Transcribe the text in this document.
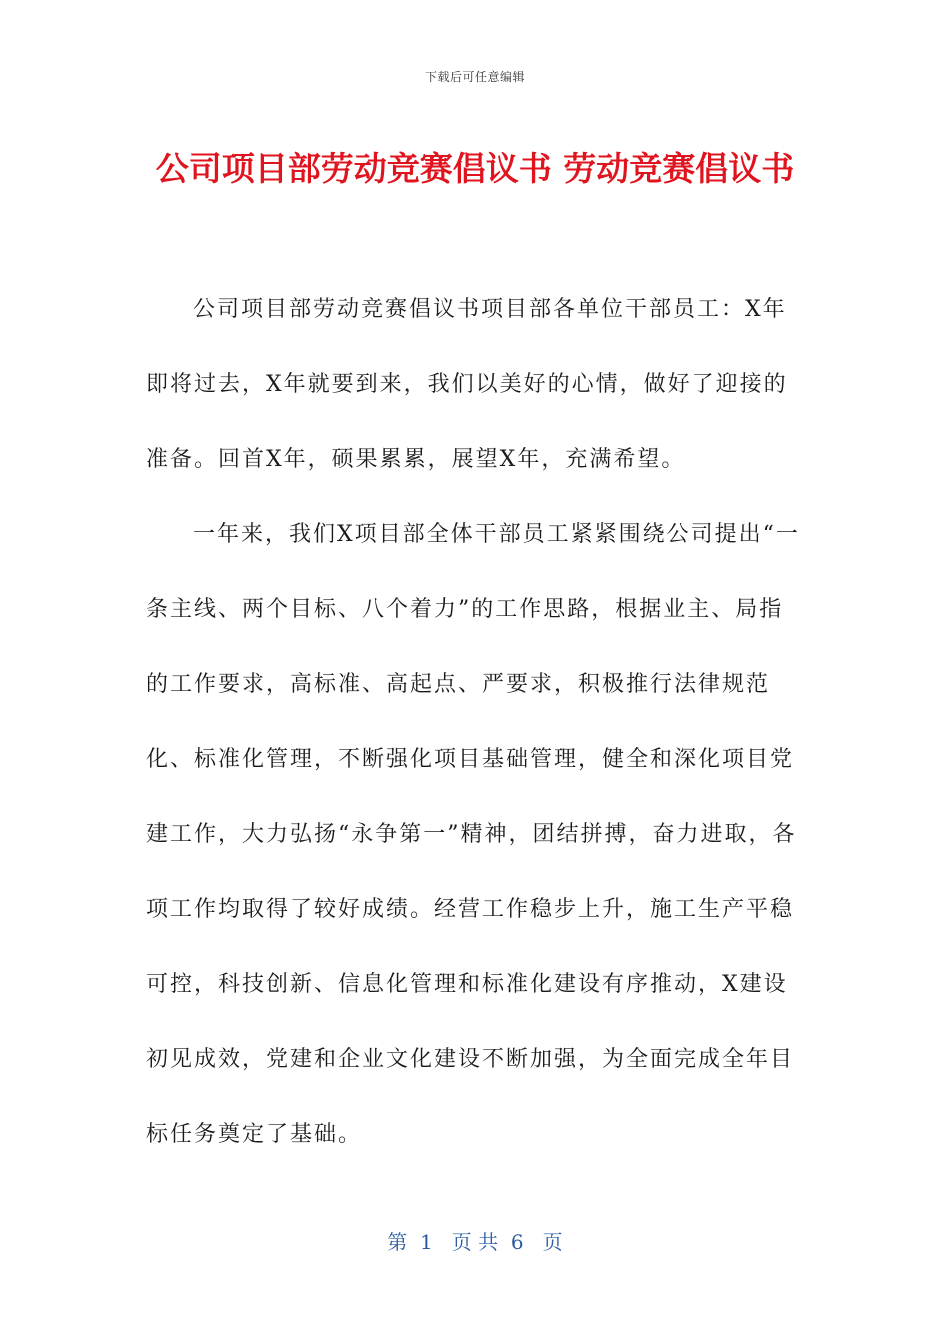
下载后可任意编辑
公司项目部劳动竞赛倡议书 劳动竞赛倡议书

公司项目部劳动竞赛倡议书项目部各单位干部员工：X年即将过去，X年就要到来，我们以美好的心情，做好了迎接的准备。回首X年，硕果累累，展望X年，充满希望。

一年来，我们X项目部全体干部员工紧紧围绕公司提出“一条主线、两个目标、八个着力”的工作思路，根据业主、局指的工作要求，高标准、高起点、严要求，积极推行法律规范化、标准化管理，不断强化项目基础管理，健全和深化项目党建工作，大力弘扬“永争第一”精神，团结拼搏，奋力进取，各项工作均取得了较好成绩。经营工作稳步上升，施工生产平稳可控，科技创新、信息化管理和标准化建设有序推动，X建设初见成效，党建和企业文化建设不断加强，为全面完成全年目标任务奠定了基础。

第  1   页 共  6   页
